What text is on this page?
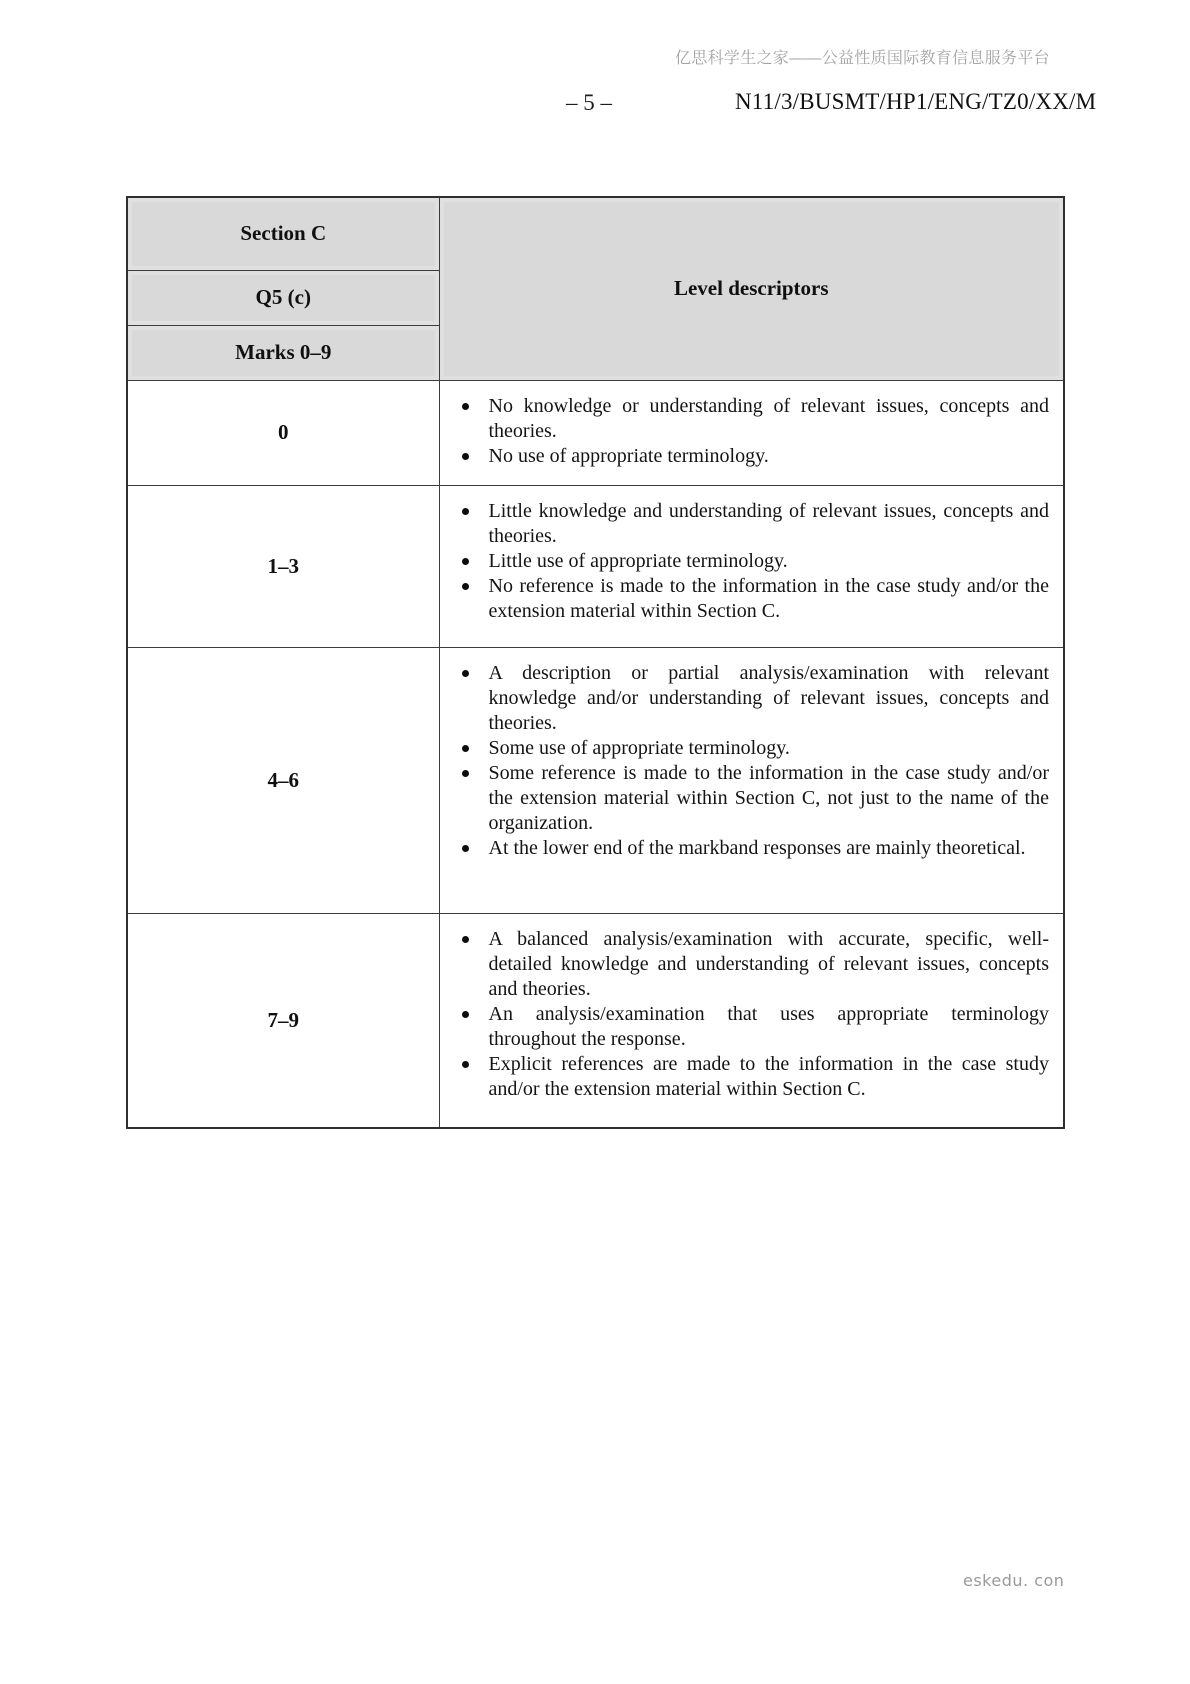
亿思科学生之家——公益性质国际教育信息服务平台
– 5 –	N11/3/BUSMT/HP1/ENG/TZ0/XX/M
Section C	Level descriptors
Q5 (c)	
Marks 0–9	
0	
No knowledge or understanding of relevant issues, concepts and theories.
No use of appropriate terminology.

1–3	
Little knowledge and understanding of relevant issues, concepts and theories.
Little use of appropriate terminology.
No reference is made to the information in the case study and/or the extension material within Section C.

4–6	
A description or partial analysis/examination with relevant knowledge and/or understanding of relevant issues, concepts and theories.
Some use of appropriate terminology.
Some reference is made to the information in the case study and/or the extension material within Section C, not just to the name of the organization.
At the lower end of the markband responses are mainly theoretical.

7–9	
A balanced analysis/examination with accurate, specific, well-detailed knowledge and understanding of relevant issues, concepts and theories.
An analysis/examination that uses appropriate terminology throughout the response.
Explicit references are made to the information in the case study and/or the extension material within Section C.
eskedu. con
